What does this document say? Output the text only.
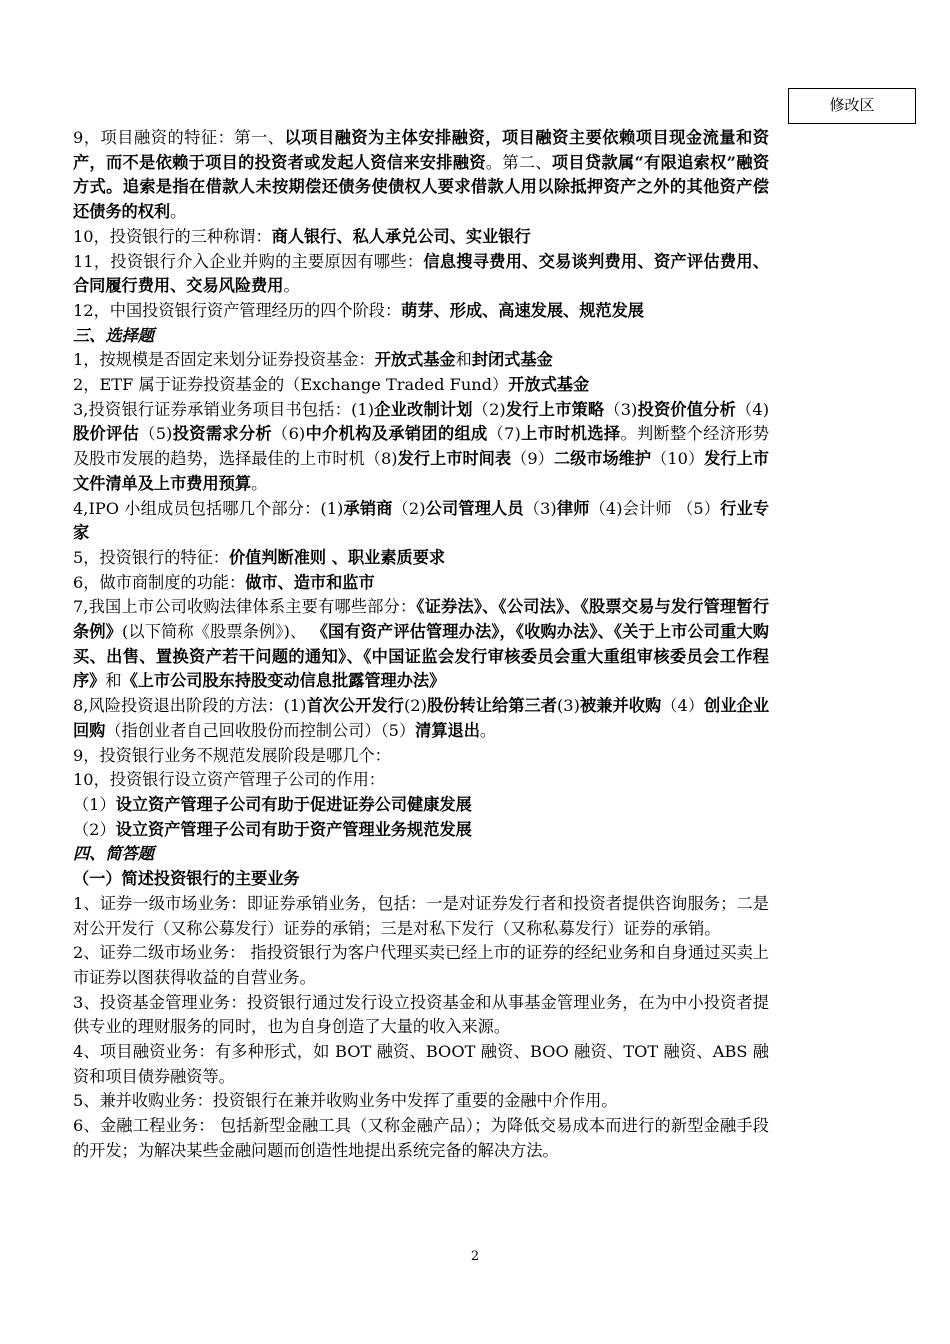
修改区
9，项目融资的特征：第一、以项目融资为主体安排融资，项目融资主要依赖项目现金流量和资产，而不是依赖于项目的投资者或发起人资信来安排融资。第二、项目贷款属“有限追索权”融资方式。追索是指在借款人未按期偿还债务使债权人要求借款人用以除抵押资产之外的其他资产偿还债务的权利。
10，投资银行的三种称谓：商人银行、私人承兑公司、实业银行
11，投资银行介入企业并购的主要原因有哪些：信息搜寻费用、交易谈判费用、资产评估费用、合同履行费用、交易风险费用。
12，中国投资银行资产管理经历的四个阶段：萌芽、形成、高速发展、规范发展
三、选择题
1，按规模是否固定来划分证券投资基金：开放式基金和封闭式基金
2，ETF 属于证券投资基金的（Exchange Traded Fund）开放式基金
3,投资银行证券承销业务项目书包括：(1)企业改制计划（2)发行上市策略（3)投资价值分析（4)股价评估（5)投资需求分析（6)中介机构及承销团的组成（7)上市时机选择。判断整个经济形势及股市发展的趋势，选择最佳的上市时机（8)发行上市时间表（9）二级市场维护（10）发行上市文件清单及上市费用预算。
4,IPO 小组成员包括哪几个部分：(1)承销商（2)公司管理人员（3)律师（4)会计师 （5）行业专家
5，投资银行的特征：价值判断准则 、职业素质要求
6，做市商制度的功能：做市、造市和监市
7,我国上市公司收购法律体系主要有哪些部分：《证券法》、《公司法》、《股票交易与发行管理暂行条例》(以下简称《股票条例》)、 《国有资产评估管理办法》，《收购办法》、《关于上市公司重大购买、出售、置换资产若干问题的通知》、《中国证监会发行审核委员会重大重组审核委员会工作程序》和《上市公司股东持股变动信息批露管理办法》
8,风险投资退出阶段的方法：(1)首次公开发行(2)股份转让给第三者(3)被兼并收购（4）创业企业回购（指创业者自己回收股份而控制公司）（5）清算退出。
9，投资银行业务不规范发展阶段是哪几个：
10，投资银行设立资产管理子公司的作用：
（1）设立资产管理子公司有助于促进证券公司健康发展
（2）设立资产管理子公司有助于资产管理业务规范发展
四、简答题
（一）简述投资银行的主要业务
1、证券一级市场业务：即证券承销业务，包括：一是对证券发行者和投资者提供咨询服务；二是对公开发行（又称公募发行）证券的承销；三是对私下发行（又称私募发行）证券的承销。
2、证券二级市场业务： 指投资银行为客户代理买卖已经上市的证券的经纪业务和自身通过买卖上市证券以图获得收益的自营业务。
3、投资基金管理业务：投资银行通过发行设立投资基金和从事基金管理业务，在为中小投资者提供专业的理财服务的同时，也为自身创造了大量的收入来源。
4、项目融资业务：有多种形式，如 BOT 融资、BOOT 融资、BOO 融资、TOT 融资、ABS 融资和项目债券融资等。
5、兼并收购业务：投资银行在兼并收购业务中发挥了重要的金融中介作用。
6、金融工程业务： 包括新型金融工具（又称金融产品）；为降低交易成本而进行的新型金融手段的开发；为解决某些金融问题而创造性地提出系统完备的解决方法。
2
